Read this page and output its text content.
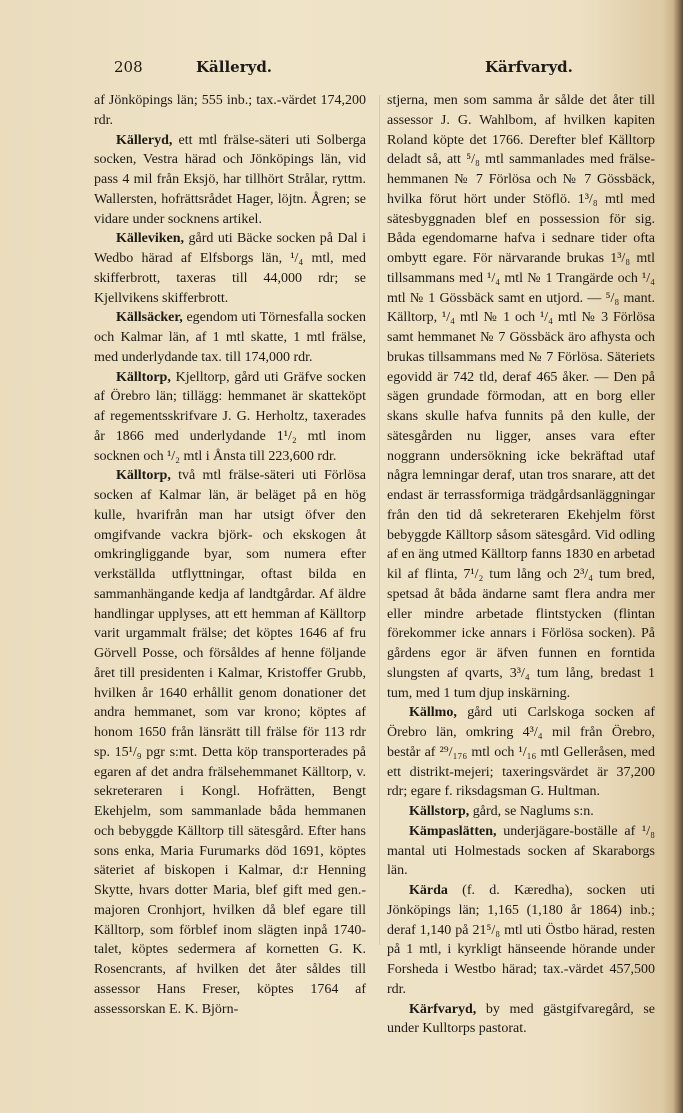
208	Källeryd.	Kärfvaryd.

af Jönköpings län; 555 inb.; tax.-värdet 174,200 rdr.

Källeryd, ett mtl frälse-säteri uti Solberga socken, Vestra härad och Jönköpings län, vid pass 4 mil från Eksjö, har tillhört Strålar, ryttm. Wallersten, hofrättsrådet Hager, löjtn. Ågren; se vidare under socknens artikel.

Källeviken, gård uti Bäcke socken på Dal i Wedbo härad af Elfsborgs län, ¹/₄ mtl, med skifferbrott, taxeras till 44,000 rdr; se Kjellvikens skifferbrott.

Källsäcker, egendom uti Törnesfalla socken och Kalmar län, af 1 mtl skatte, 1 mtl frälse, med underlydande tax. till 174,000 rdr.

Källtorp, Kjelltorp, gård uti Gräfve socken af Örebro län; tillägg: hemmanet är skatteköpt af regementsskrifvare J. G. Herholtz, taxerades år 1866 med underlydande 1¹/₂ mtl inom socknen och ¹/₂ mtl i Ånsta till 223,600 rdr.

Källtorp, två mtl frälse-säteri uti Förlösa socken af Kalmar län, är beläget på en hög kulle, hvarifrån man har utsigt öfver den omgifvande vackra björk- och ekskogen åt omkringliggande byar, som numera efter verkställda utflyttningar, oftast bilda en sammanhängande kedja af landtgårdar. Af äldre handlingar upplyses, att ett hemman af Källtorp varit urgammalt frälse; det köptes 1646 af fru Görvell Posse, och försåldes af henne följande året till presidenten i Kalmar, Kristoffer Grubb, hvilken år 1640 erhållit genom donationer det andra hemmanet, som var krono; köptes af honom 1650 från länsrätt till frälse för 113 rdr sp. 15¹/₉ pgr s:mt. Detta köp transporterades på egaren af det andra frälsehemmanet Källtorp, v. sekreteraren i Kongl. Hofrätten, Bengt Ekehjelm, som sammanlade båda hemmanen och bebyggde Källtorp till sätesgård. Efter hans sons enka, Maria Furumarks död 1691, köptes säteriet af biskopen i Kalmar, d:r Henning Skytte, hvars dotter Maria, blef gift med gen.-majoren Cronhjort, hvilken då blef egare till Källtorp, som förblef inom slägten inpå 1740-talet, köptes sedermera af kornetten G. K. Rosencrants, af hvilken det åter såldes till assessor Hans Freser, köptes 1764 af assessorskan E. K. Björn-

stjerna, men som samma år sålde det åter till assessor J. G. Wahlbom, af hvilken kapiten Roland köpte det 1766. Derefter blef Källtorp deladt så, att ⁵/₈ mtl sammanlades med frälse-hemmanen № 7 Förlösa och № 7 Gössbäck, hvilka förut hört under Stöflö. 1³/₈ mtl med sätesbyggnaden blef en possession för sig. Båda egendomarne hafva i sednare tider ofta ombytt egare. För närvarande brukas 1³/₈ mtl tillsammans med ¹/₄ mtl № 1 Trangärde och ¹/₄ mtl № 1 Gössbäck samt en utjord. — ⁵/₈ mant. Källtorp, ¹/₄ mtl № 1 och ¹/₄ mtl № 3 Förlösa samt hemmanet № 7 Gössbäck äro afhysta och brukas tillsammans med № 7 Förlösa. Säteriets egovidd är 742 tld, deraf 465 åker. — Den på sägen grundade förmodan, att en borg eller skans skulle hafva funnits på den kulle, der sätesgården nu ligger, anses vara efter noggrann undersökning icke bekräftad utaf några lemningar deraf, utan tros snarare, att det endast är terrassformiga trädgårdsanläggningar från den tid då sekreteraren Ekehjelm först bebyggde Källtorp såsom sätesgård. Vid odling af en äng utmed Källtorp fanns 1830 en arbetad kil af flinta, 7¹/₂ tum lång och 2³/₄ tum bred, spetsad åt båda ändarne samt flera andra mer eller mindre arbetade flintstycken (flintan förekommer icke annars i Förlösa socken). På gårdens egor är äfven funnen en forntida slungsten af qvarts, 3³/₄ tum lång, bredast 1 tum, med 1 tum djup inskärning.

Källmo, gård uti Carlskoga socken af Örebro län, omkring 4³/₄ mil från Örebro, består af ²⁹/₁₇₆ mtl och ¹/₁₆ mtl Gelleråsen, med ett distrikt-mejeri; taxeringsvärdet är 37,200 rdr; egare f. riksdagsman G. Hultman.

Källstorp, gård, se Naglums s:n.

Kämpaslätten, underjägare-boställe af ¹/₈ mantal uti Holmestads socken af Skaraborgs län.

Kärda (f. d. Kæredha), socken uti Jönköpings län; 1,165 (1,180 år 1864) inb.; deraf 1,140 på 21⁵/₈ mtl uti Östbo härad, resten på 1 mtl, i kyrkligt hänseende hörande under Forsheda i Westbo härad; tax.-värdet 457,500 rdr.

Kärfvaryd, by med gästgifvaregård, se under Kulltorps pastorat.
